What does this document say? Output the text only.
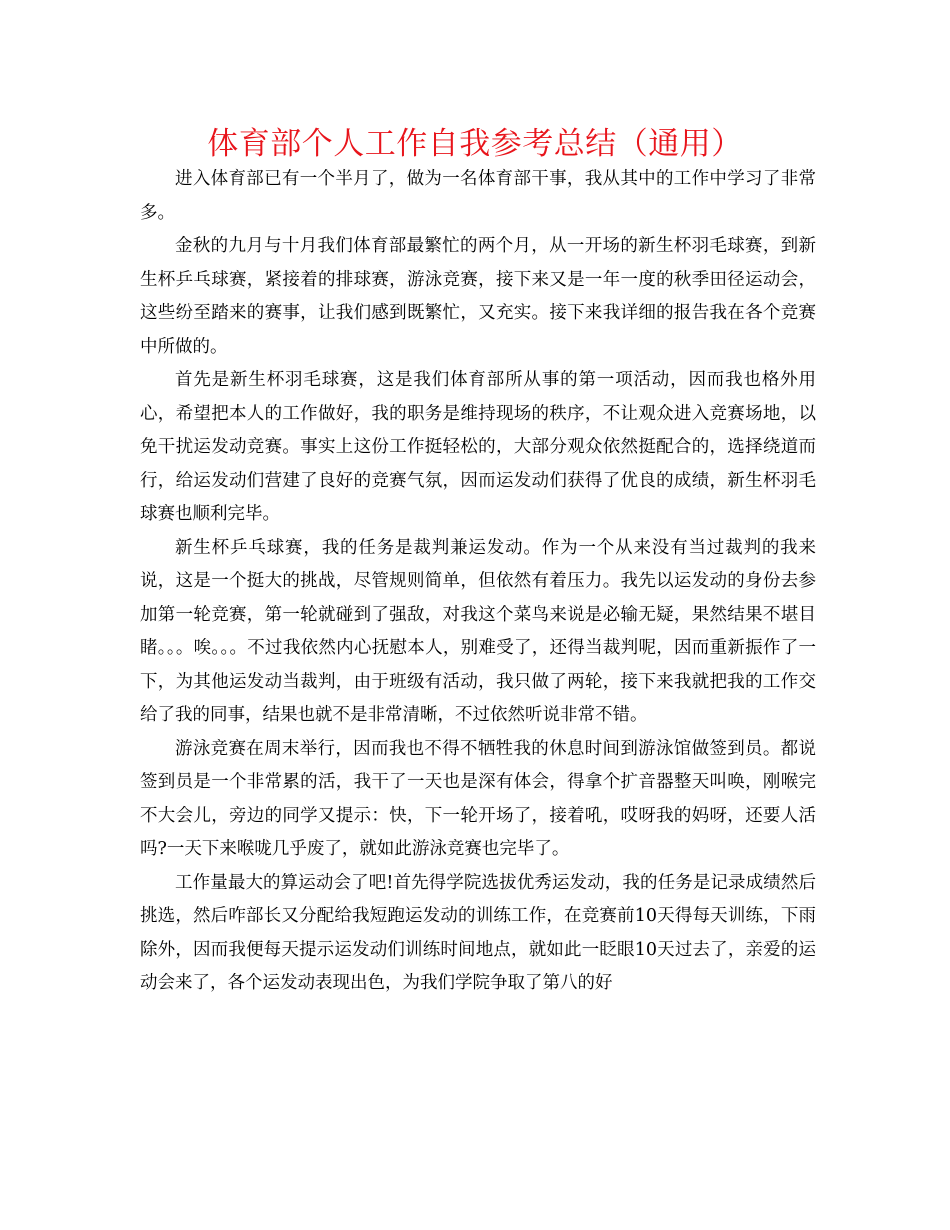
体育部个人工作自我参考总结（通用）

进入体育部已有一个半月了，做为一名体育部干事，我从其中的工作中学习了非常多。

金秋的九月与十月我们体育部最繁忙的两个月，从一开场的新生杯羽毛球赛，到新生杯乒乓球赛，紧接着的排球赛，游泳竞赛，接下来又是一年一度的秋季田径运动会，这些纷至踏来的赛事，让我们感到既繁忙，又充实。接下来我详细的报告我在各个竞赛中所做的。

首先是新生杯羽毛球赛，这是我们体育部所从事的第一项活动，因而我也格外用心，希望把本人的工作做好，我的职务是维持现场的秩序，不让观众进入竞赛场地，以免干扰运发动竞赛。事实上这份工作挺轻松的，大部分观众依然挺配合的，选择绕道而行，给运发动们营建了良好的竞赛气氛，因而运发动们获得了优良的成绩，新生杯羽毛球赛也顺利完毕。

新生杯乒乓球赛，我的任务是裁判兼运发动。作为一个从来没有当过裁判的我来说，这是一个挺大的挑战，尽管规则简单，但依然有着压力。我先以运发动的身份去参加第一轮竞赛，第一轮就碰到了强敌，对我这个菜鸟来说是必输无疑，果然结果不堪目睹。。。唉。。。不过我依然内心抚慰本人，别难受了，还得当裁判呢，因而重新振作了一下，为其他运发动当裁判，由于班级有活动，我只做了两轮，接下来我就把我的工作交给了我的同事，结果也就不是非常清晰，不过依然听说非常不错。

游泳竞赛在周末举行，因而我也不得不牺牲我的休息时间到游泳馆做签到员。都说签到员是一个非常累的活，我干了一天也是深有体会，得拿个扩音器整天叫唤，刚喉完不大会儿，旁边的同学又提示：快，下一轮开场了，接着吼，哎呀我的妈呀，还要人活吗?一天下来喉咙几乎废了，就如此游泳竞赛也完毕了。

工作量最大的算运动会了吧!首先得学院选拔优秀运发动，我的任务是记录成绩然后挑选，然后咋部长又分配给我短跑运发动的训练工作，在竞赛前10天得每天训练，下雨除外，因而我便每天提示运发动们训练时间地点，就如此一眨眼10天过去了，亲爱的运动会来了，各个运发动表现出色，为我们学院争取了第八的好
